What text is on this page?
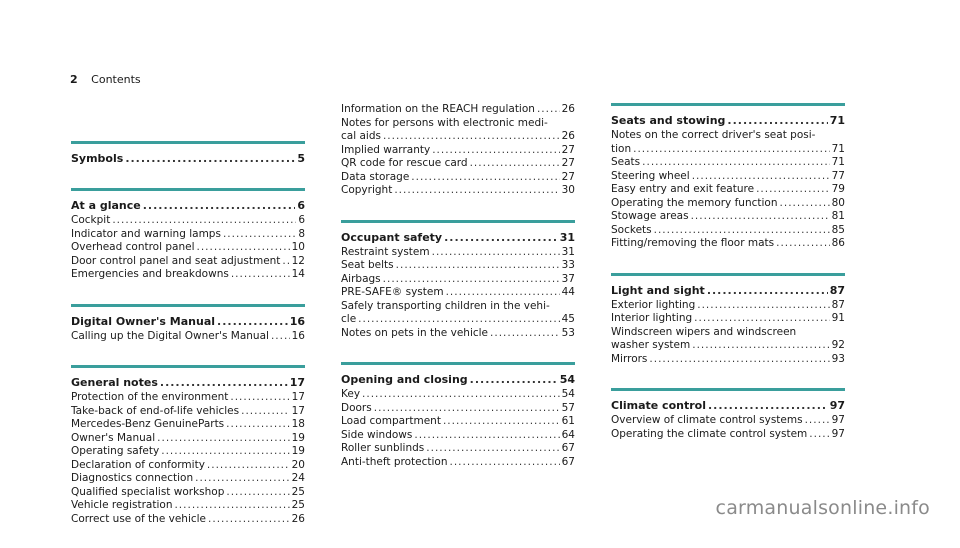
2 Contents
Symbols .....	5
At a glance .....	6
Cockpit .....	6
Indicator and warning lamps .....	8
Overhead control panel .....	10
Door control panel and seat adjustment ..... 12
Emergencies and breakdowns .....	14
Digital Owner's Manual .....	16
Calling up the Digital Owner's Manual ..... 16
General notes .....	17
Protection of the environment .....	17
Take-back of end-of-life vehicles .....	17
Mercedes-Benz GenuineParts .....	18
Owner's Manual .....	19
Operating safety .....	19
Declaration of conformity .....	20
Diagnostics connection .....	24
Qualified specialist workshop .....	25
Vehicle registration .....	25
Correct use of the vehicle .....	26
Information on the REACH regulation .....	26
Notes for persons with electronic medi-
cal aids .....	26
Implied warranty .....	27
QR code for rescue card .....	27
Data storage .....	27
Copyright .....	30
Occupant safety .....	31
Restraint system .....	31
Seat belts .....	33
Airbags .....	37
PRE-SAFE® system .....	44
Safely transporting children in the vehi-
cle .....	45
Notes on pets in the vehicle .....	53
Opening and closing .....	54
Key .....	54
Doors .....	57
Load compartment .....	61
Side windows .....	64
Roller sunblinds .....	67
Anti-theft protection .....	67
Seats and stowing .....	71
Notes on the correct driver's seat posi-
tion .....	71
Seats .....	71
Steering wheel .....	77
Easy entry and exit feature .....	79
Operating the memory function .....	80
Stowage areas .....	81
Sockets .....	85
Fitting/removing the floor mats .....	86
Light and sight .....	87
Exterior lighting .....	87
Interior lighting .....	91
Windscreen wipers and windscreen
washer system .....	92
Mirrors .....	93
Climate control .....	97
Overview of climate control systems .....	97
Operating the climate control system ..... 97
carmanualsonline.info
